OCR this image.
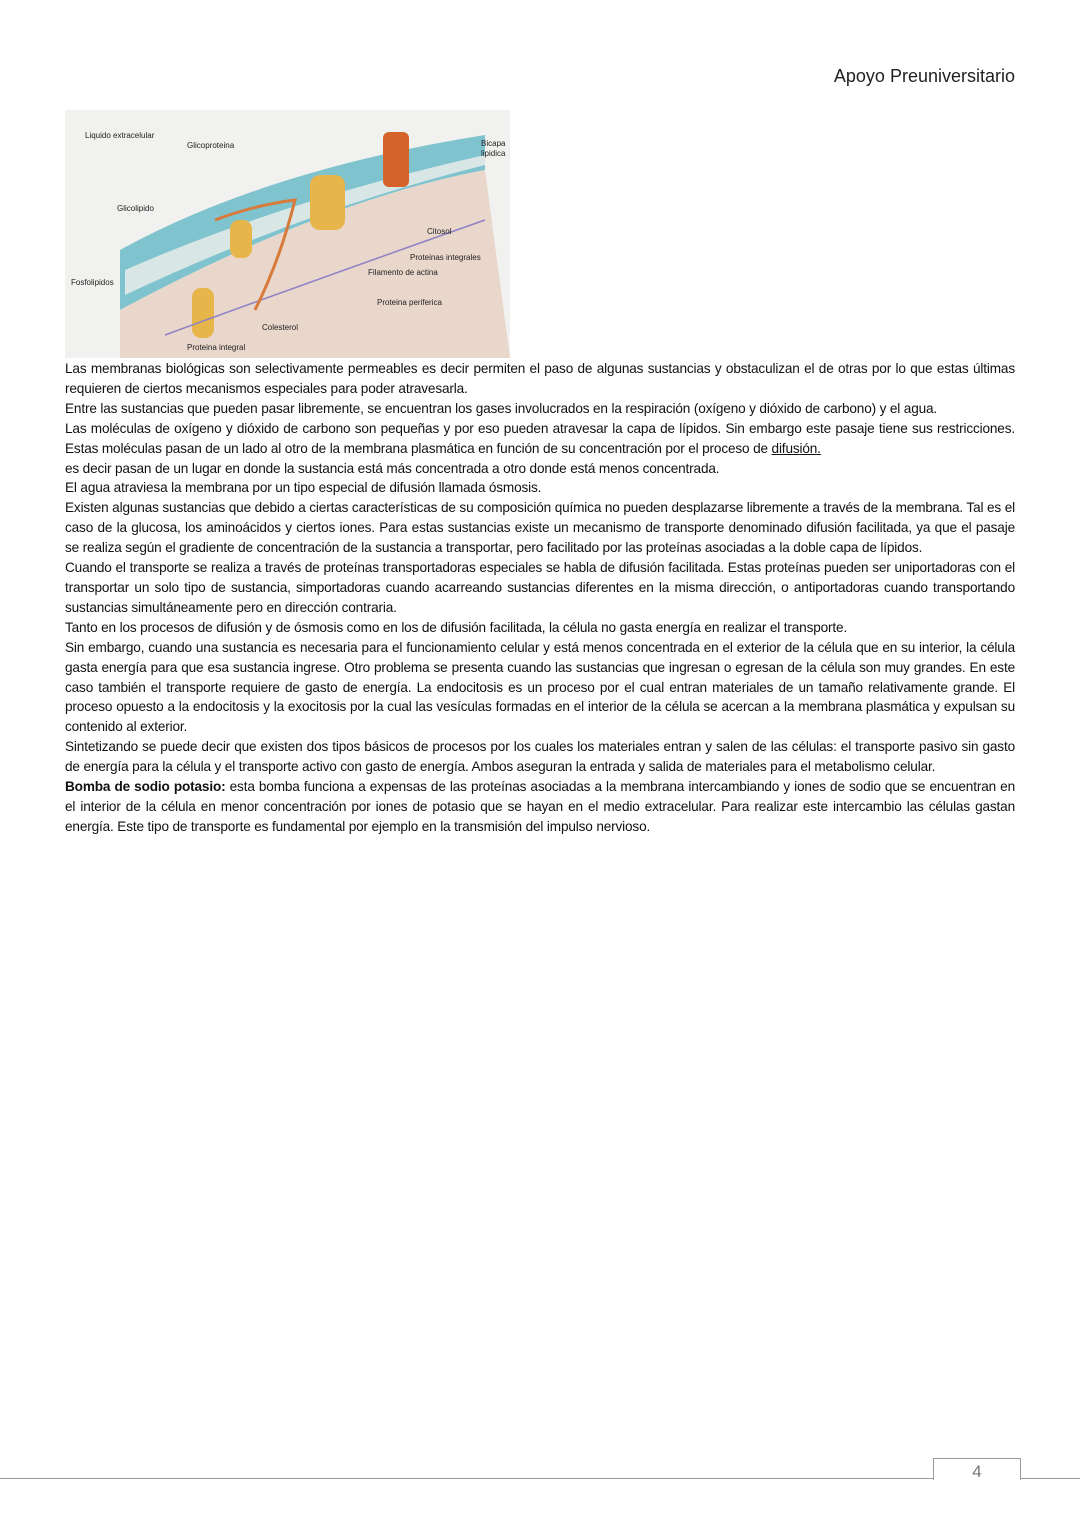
Apoyo Preuniversitario
Liquido extracelular
Glicoproteina	Bicapa
lipidica
Glicolipido
Citosol
Proteinas integrales
Filamento de actina
Fosfolipidos
Proteina periferica
Colesterol
Proteina integral

Las membranas biológicas son selectivamente permeables es decir permiten el paso de algunas sustancias y obstaculizan el de otras por lo que estas últimas requieren de ciertos mecanismos especiales para poder atravesarla.

Entre las sustancias que pueden pasar libremente, se encuentran los gases involucrados en la respiración (oxígeno y dióxido de carbono) y el agua.

Las moléculas de oxígeno y dióxido de carbono son pequeñas y por eso pueden atravesar la capa de lípidos. Sin embargo este pasaje tiene sus restricciones. Estas moléculas pasan de un lado al otro de la membrana plasmática en función de su concentración por el proceso de difusión.

es decir pasan de un lugar en donde la sustancia está más concentrada a otro donde está menos concentrada.

El agua atraviesa la membrana por un tipo especial de difusión llamada ósmosis.

Existen algunas sustancias que debido a ciertas características de su composición química no pueden desplazarse libremente a través de la membrana. Tal es el caso de la glucosa, los aminoácidos y ciertos iones. Para estas sustancias existe un mecanismo de transporte denominado difusión facilitada, ya que el pasaje se realiza según el gradiente de concentración de la sustancia a transportar, pero facilitado por las proteínas asociadas a la doble capa de lípidos.

Cuando el transporte se realiza a través de proteínas transportadoras especiales se habla de difusión facilitada. Estas proteínas pueden ser uniportadoras con el transportar un solo tipo de sustancia, simportadoras cuando acarreando sustancias diferentes en la misma dirección, o antiportadoras cuando transportando sustancias simultáneamente pero en dirección contraria.

Tanto en los procesos de difusión y de ósmosis como en los de difusión facilitada, la célula no gasta energía en realizar el transporte.

Sin embargo, cuando una sustancia es necesaria para el funcionamiento celular y está menos concentrada en el exterior de la célula que en su interior, la célula gasta energía para que esa sustancia ingrese. Otro problema se presenta cuando las sustancias que ingresan o egresan de la célula son muy grandes. En este caso también el transporte requiere de gasto de energía. La endocitosis es un proceso por el cual entran materiales de un tamaño relativamente grande. El proceso opuesto a la endocitosis y la exocitosis por la cual las vesículas formadas en el interior de la célula se acercan a la membrana plasmática y expulsan su contenido al exterior.

Sintetizando se puede decir que existen dos tipos básicos de procesos por los cuales los materiales entran y salen de las células: el transporte pasivo sin gasto de energía para la célula y el transporte activo con gasto de energía. Ambos aseguran la entrada y salida de materiales para el metabolismo celular.

Bomba de sodio potasio: esta bomba funciona a expensas de las proteínas asociadas a la membrana intercambiando y iones de sodio que se encuentran en el interior de la célula en menor concentración por iones de potasio que se hayan en el medio extracelular. Para realizar este intercambio las células gastan energía. Este tipo de transporte es fundamental por ejemplo en la transmisión del impulso nervioso.

4
